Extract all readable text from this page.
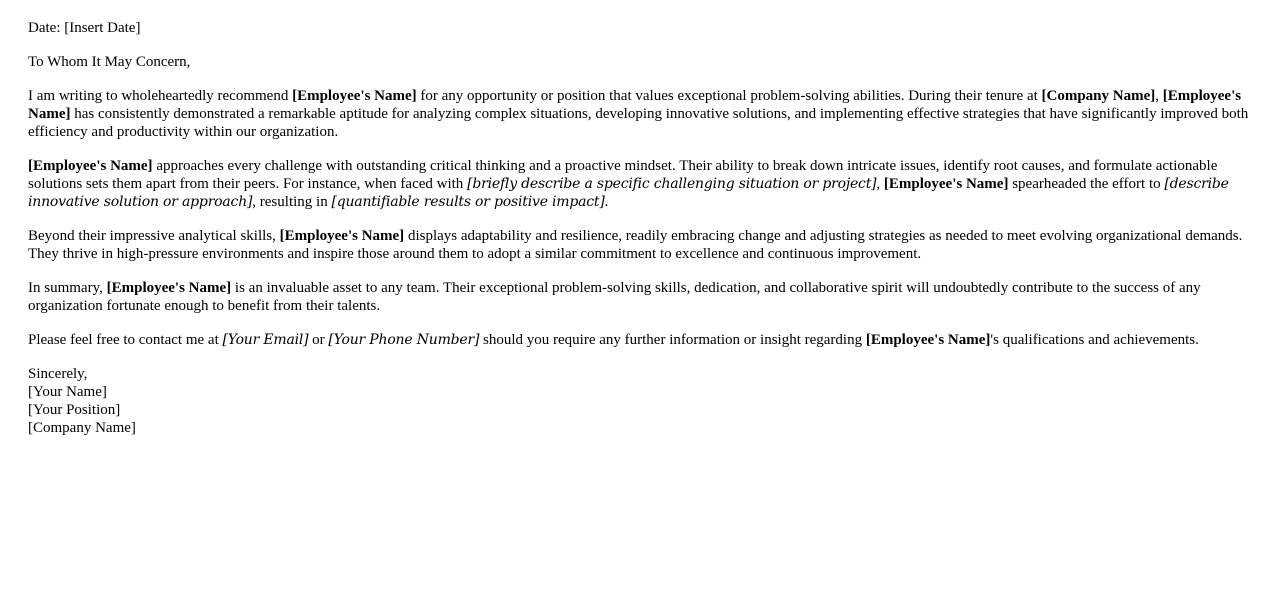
Date: [Insert Date]

To Whom It May Concern,

I am writing to wholeheartedly recommend [Employee's Name] for any opportunity or position that values exceptional problem-solving abilities. During their tenure at [Company Name], [Employee's Name] has consistently demonstrated a remarkable aptitude for analyzing complex situations, developing innovative solutions, and implementing effective strategies that have significantly improved both efficiency and productivity within our organization.

[Employee's Name] approaches every challenge with outstanding critical thinking and a proactive mindset. Their ability to break down intricate issues, identify root causes, and formulate actionable solutions sets them apart from their peers. For instance, when faced with [briefly describe a specific challenging situation or project], [Employee's Name] spearheaded the effort to [describe innovative solution or approach], resulting in [quantifiable results or positive impact].

Beyond their impressive analytical skills, [Employee's Name] displays adaptability and resilience, readily embracing change and adjusting strategies as needed to meet evolving organizational demands. They thrive in high-pressure environments and inspire those around them to adopt a similar commitment to excellence and continuous improvement.

In summary, [Employee's Name] is an invaluable asset to any team. Their exceptional problem-solving skills, dedication, and collaborative spirit will undoubtedly contribute to the success of any organization fortunate enough to benefit from their talents.

Please feel free to contact me at [Your Email] or [Your Phone Number] should you require any further information or insight regarding [Employee's Name]'s qualifications and achievements.

Sincerely,
[Your Name]
[Your Position]
[Company Name]
